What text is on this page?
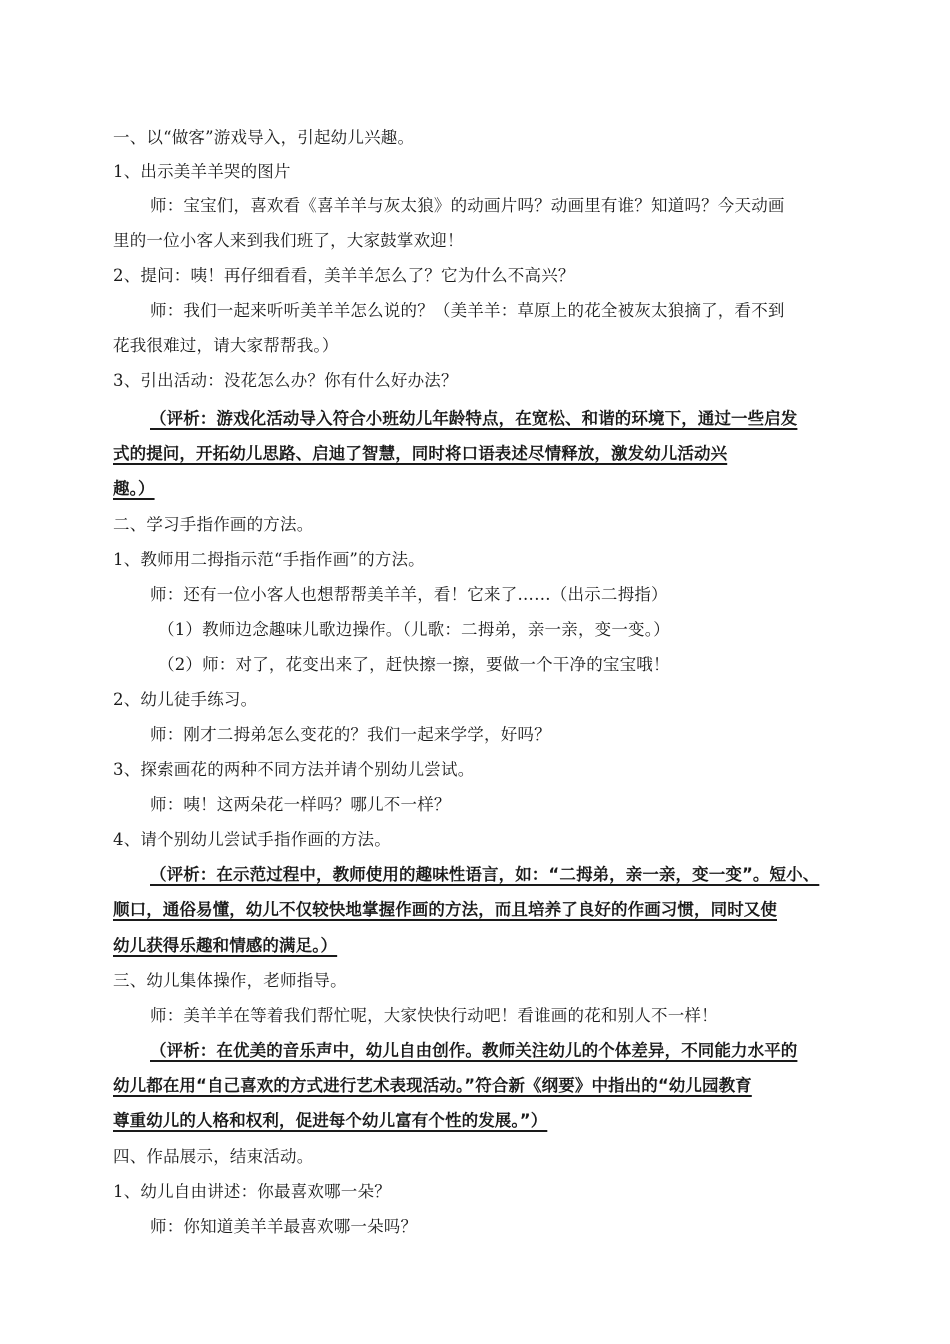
一、以“做客”游戏导入，引起幼儿兴趣。
1、出示美羊羊哭的图片
师：宝宝们，喜欢看《喜羊羊与灰太狼》的动画片吗？动画里有谁？知道吗？今天动画
里的一位小客人来到我们班了，大家鼓掌欢迎！
2、提问：咦！再仔细看看，美羊羊怎么了？它为什么不高兴？
师：我们一起来听听美羊羊怎么说的？（美羊羊：草原上的花全被灰太狼摘了，看不到
花我很难过，请大家帮帮我。）
3、引出活动：没花怎么办？你有什么好办法？
（评析：游戏化活动导入符合小班幼儿年龄特点，在宽松、和谐的环境下，通过一些启发
式的提问，开拓幼儿思路、启迪了智慧，同时将口语表述尽情释放，激发幼儿活动兴
趣。）
二、学习手指作画的方法。
1、教师用二拇指示范“手指作画”的方法。
师：还有一位小客人也想帮帮美羊羊，看！它来了……（出示二拇指）
（1）教师边念趣味儿歌边操作。（儿歌：二拇弟，亲一亲，变一变。）
（2）师：对了，花变出来了，赶快擦一擦，要做一个干净的宝宝哦！
2、幼儿徒手练习。
师：刚才二拇弟怎么变花的？我们一起来学学，好吗？
3、探索画花的两种不同方法并请个别幼儿尝试。
师：咦！这两朵花一样吗？哪儿不一样？
4、请个别幼儿尝试手指作画的方法。
（评析：在示范过程中，教师使用的趣味性语言，如：“二拇弟，亲一亲，变一变”。短小、
顺口，通俗易懂，幼儿不仅较快地掌握作画的方法，而且培养了良好的作画习惯，同时又使
幼儿获得乐趣和情感的满足。）
三、幼儿集体操作，老师指导。
师：美羊羊在等着我们帮忙呢，大家快快行动吧！看谁画的花和别人不一样！
（评析：在优美的音乐声中，幼儿自由创作。教师关注幼儿的个体差异，不同能力水平的
幼儿都在用“自己喜欢的方式进行艺术表现活动。”符合新《纲要》中指出的“幼儿园教育
尊重幼儿的人格和权利，促进每个幼儿富有个性的发展。”）
四、作品展示，结束活动。
1、幼儿自由讲述：你最喜欢哪一朵？
师：你知道美羊羊最喜欢哪一朵吗？
